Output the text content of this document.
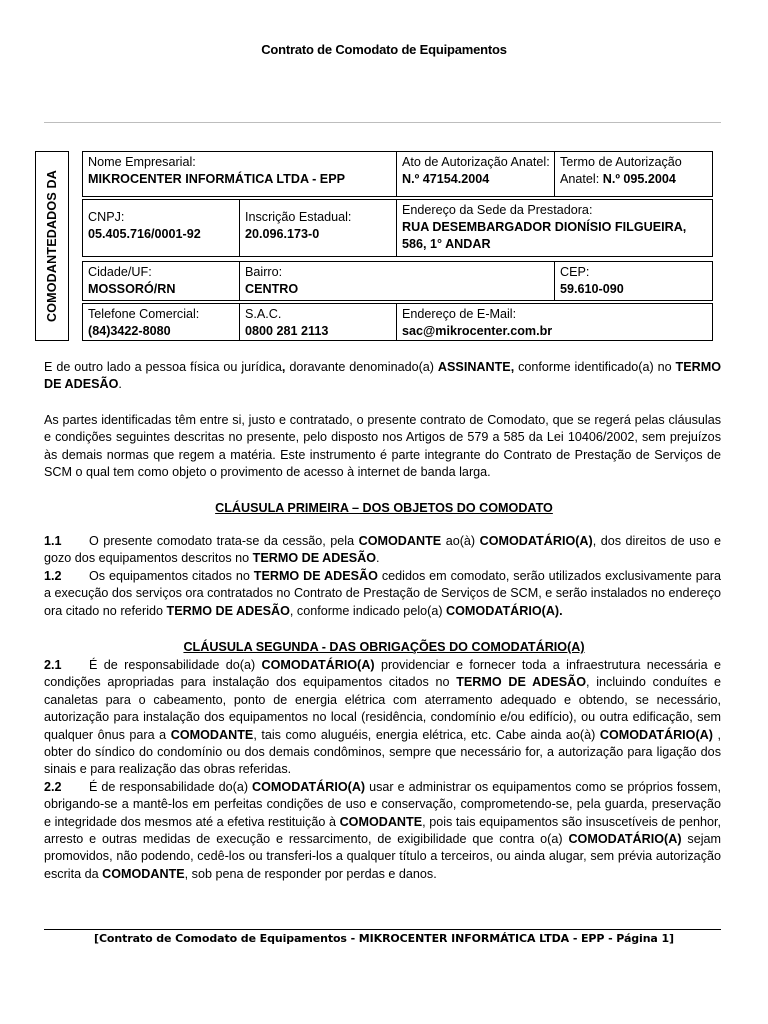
Contrato de Comodato de Equipamentos
COMODANTEDADOS DA
Nome Empresarial:
MIKROCENTER INFORMÁTICA LTDA - EPP
Ato de Autorização Anatel:
N.º 47154.2004
Termo de Autorização
Anatel: N.º 095.2004
CNPJ:
05.405.716/0001-92
Inscrição Estadual:
20.096.173-0
Endereço da Sede da Prestadora:
RUA DESEMBARGADOR DIONÍSIO FILGUEIRA,
586, 1° ANDAR
Cidade/UF:
MOSSORÓ/RN
Bairro:
CENTRO
CEP:
59.610-090
Telefone Comercial:
(84)3422-8080
S.A.C.
0800 281 2113
Endereço de E-Mail:
sac@mikrocenter.com.br

E de outro lado a pessoa física ou jurídica, doravante denominado(a) ASSINANTE, conforme identificado(a) no TERMO DE ADESÃO.

As partes identificadas têm entre si, justo e contratado, o presente contrato de Comodato, que se regerá pelas cláusulas e condições seguintes descritas no presente, pelo disposto nos Artigos de 579 a 585 da Lei 10406/2002, sem prejuízos às demais normas que regem a matéria. Este instrumento é parte integrante do Contrato de Prestação de Serviços de SCM o qual tem como objeto o provimento de acesso à internet de banda larga.

CLÁUSULA PRIMEIRA – DOS OBJETOS DO COMODATO

1.1 O presente comodato trata-se da cessão, pela COMODANTE ao(à) COMODATÁRIO(A), dos direitos de uso e gozo dos equipamentos descritos no TERMO DE ADESÃO.

1.2 Os equipamentos citados no TERMO DE ADESÃO cedidos em comodato, serão utilizados exclusivamente para a execução dos serviços ora contratados no Contrato de Prestação de Serviços de SCM, e serão instalados no endereço ora citado no referido TERMO DE ADESÃO, conforme indicado pelo(a) COMODATÁRIO(A).

CLÁUSULA SEGUNDA - DAS OBRIGAÇÕES DO COMODATÁRIO(A)

2.1 É de responsabilidade do(a) COMODATÁRIO(A) providenciar e fornecer toda a infraestrutura necessária e condições apropriadas para instalação dos equipamentos citados no TERMO DE ADESÃO, incluindo conduítes e canaletas para o cabeamento, ponto de energia elétrica com aterramento adequado e obtendo, se necessário, autorização para instalação dos equipamentos no local (residência, condomínio e/ou edifício), ou outra edificação, sem qualquer ônus para a COMODANTE, tais como aluguéis, energia elétrica, etc. Cabe ainda ao(à) COMODATÁRIO(A) , obter do síndico do condomínio ou dos demais condôminos, sempre que necessário for, a autorização para ligação dos sinais e para realização das obras referidas.

2.2 É de responsabilidade do(a) COMODATÁRIO(A) usar e administrar os equipamentos como se próprios fossem, obrigando-se a mantê-los em perfeitas condições de uso e conservação, comprometendo-se, pela guarda, preservação e integridade dos mesmos até a efetiva restituição à COMODANTE, pois tais equipamentos são insuscetíveis de penhor, arresto e outras medidas de execução e ressarcimento, de exigibilidade que contra o(a) COMODATÁRIO(A) sejam promovidos, não podendo, cedê-los ou transferi-los a qualquer título a terceiros, ou ainda alugar, sem prévia autorização escrita da COMODANTE, sob pena de responder por perdas e danos.

[Contrato de Comodato de Equipamentos - MIKROCENTER INFORMÁTICA LTDA - EPP - Página 1]
